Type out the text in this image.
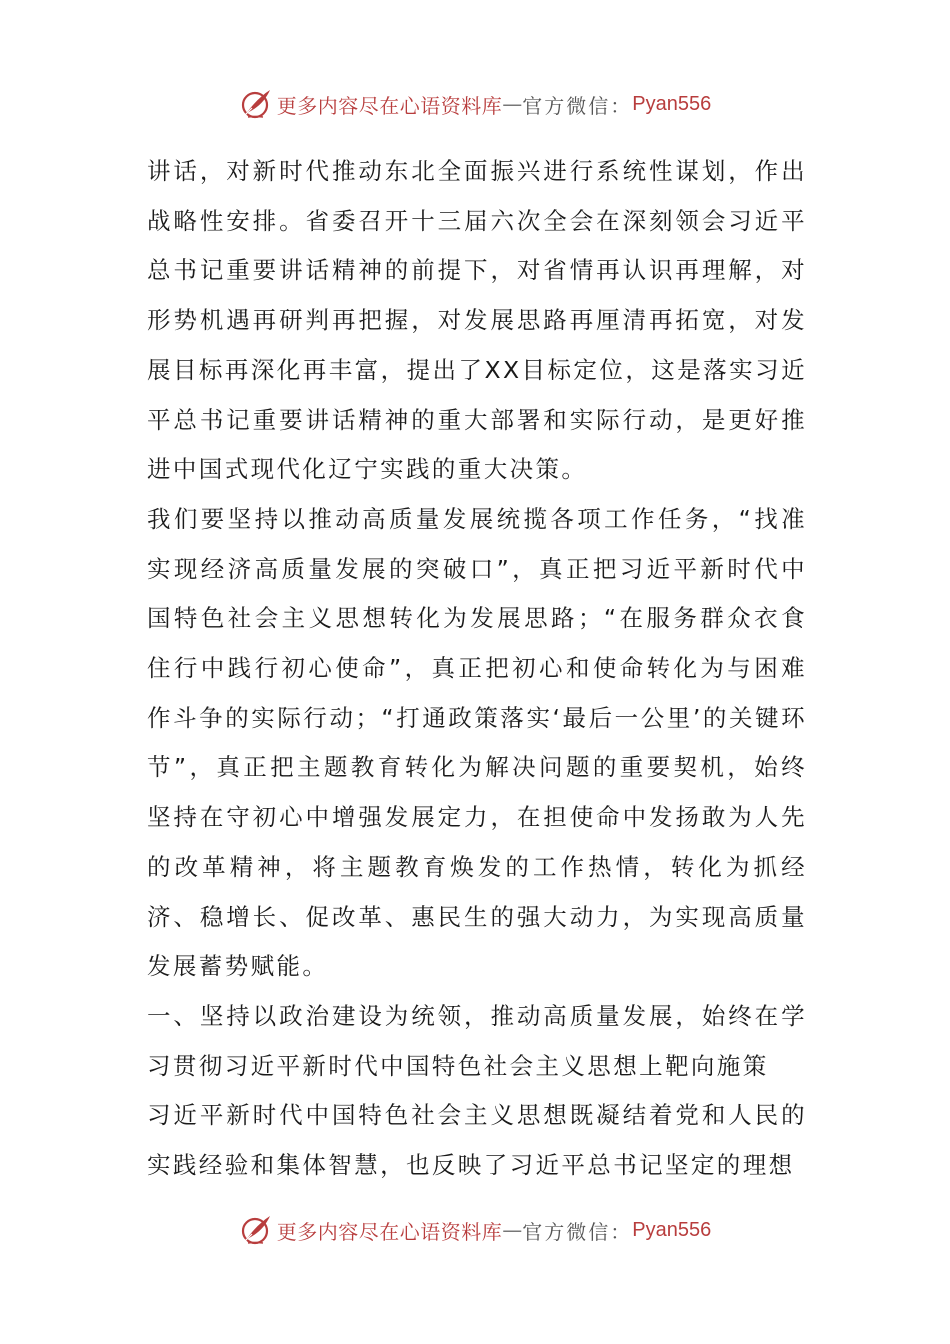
更多内容尽在心语资料库 — 官方微信： Pyan556

讲话，对新时代推动东北全面振兴进行系统性谋划，作出战略性安排。省委召开十三届六次全会在深刻领会习近平总书记重要讲话精神的前提下，对省情再认识再理解，对形势机遇再研判再把握，对发展思路再厘清再拓宽，对发展目标再深化再丰富，提出了XX目标定位，这是落实习近平总书记重要讲话精神的重大部署和实际行动，是更好推进中国式现代化辽宁实践的重大决策。

我们要坚持以推动高质量发展统揽各项工作任务，“找准实现经济高质量发展的突破口”，真正把习近平新时代中国特色社会主义思想转化为发展思路；“在服务群众衣食住行中践行初心使命”，真正把初心和使命转化为与困难作斗争的实际行动；“打通政策落实‘最后一公里’的关键环节”，真正把主题教育转化为解决问题的重要契机，始终坚持在守初心中增强发展定力，在担使命中发扬敢为人先的改革精神，将主题教育焕发的工作热情，转化为抓经济、稳增长、促改革、惠民生的强大动力，为实现高质量发展蓄势赋能。

一、坚持以政治建设为统领，推动高质量发展，始终在学习贯彻习近平新时代中国特色社会主义思想上靶向施策

习近平新时代中国特色社会主义思想既凝结着党和人民的实践经验和集体智慧，也反映了习近平总书记坚定的理想

更多内容尽在心语资料库 — 官方微信： Pyan556
